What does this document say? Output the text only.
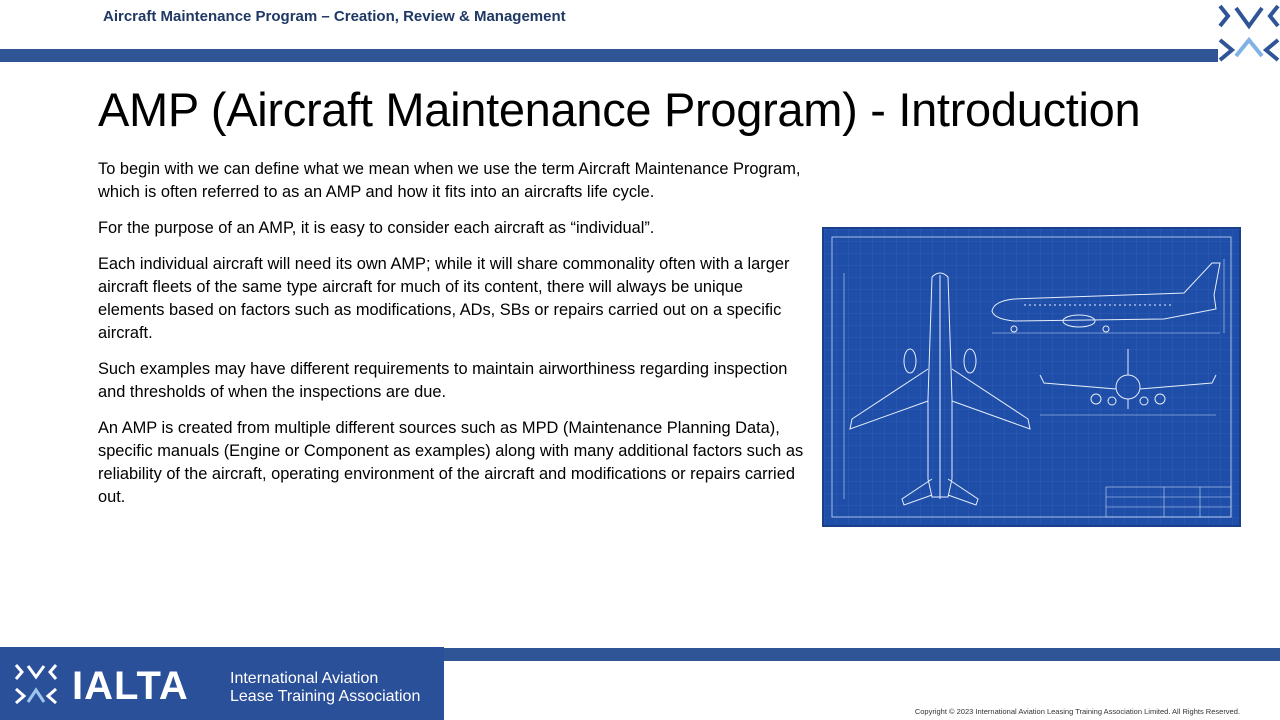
Aircraft Maintenance Program – Creation, Review & Management
AMP (Aircraft Maintenance Program) - Introduction

To begin with we can define what we mean when we use the term Aircraft Maintenance Program, which is often referred to as an AMP and how it fits into an aircrafts life cycle.

For the purpose of an AMP, it is easy to consider each aircraft as “individual”.

Each individual aircraft will need its own AMP; while it will share commonality often with a larger aircraft fleets of the same type aircraft for much of its content, there will always be unique elements based on factors such as modifications, ADs, SBs or repairs carried out on a specific aircraft.

Such examples may have different requirements to maintain airworthiness regarding inspection and thresholds of when the inspections are due.

An AMP is created from multiple different sources such as MPD (Maintenance Planning Data), specific manuals (Engine or Component as examples) along with many additional factors such as reliability of the aircraft, operating environment of the aircraft and modifications or repairs carried out.

IALTA	International Aviation
Lease Training Association
Copyright © 2023 International Aviation Leasing Training Association Limited. All Rights Reserved.
